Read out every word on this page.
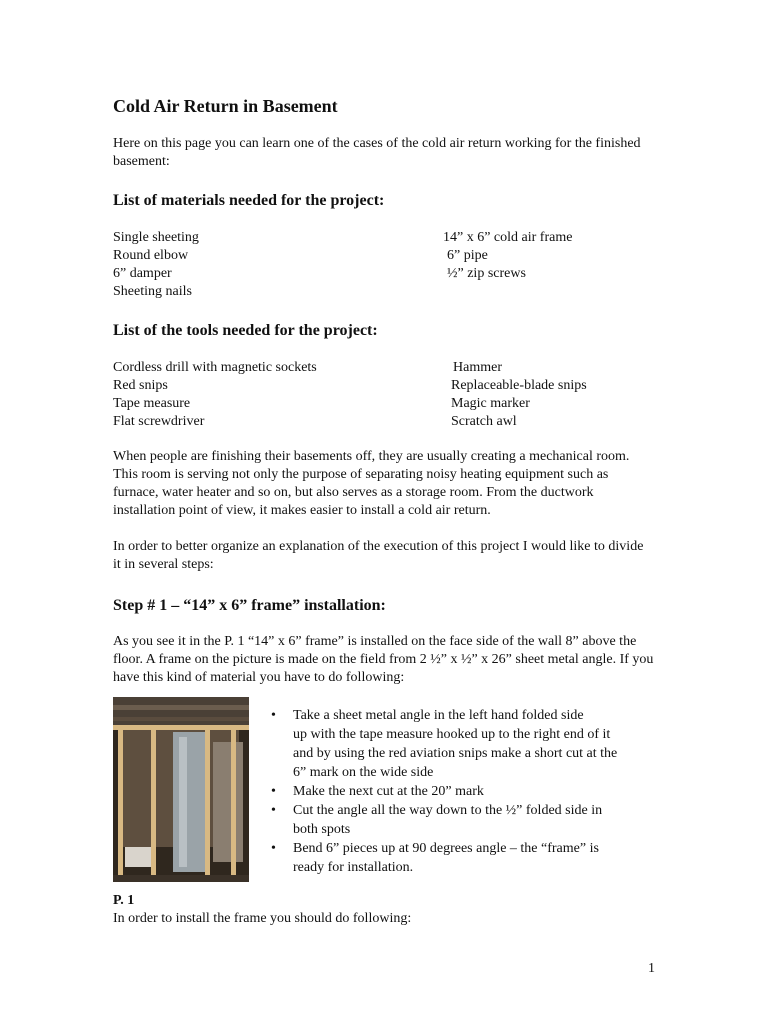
Cold Air Return in Basement

Here on this page you can learn one of the cases of the cold air return working for the finished basement:

List of materials needed for the project:
Single sheeting
Round elbow
6” damper
Sheeting nails
14” x 6” cold air frame
6” pipe
½” zip screws
List of the tools needed for the project:
Cordless drill with magnetic sockets
Red snips
Tape measure
Flat screwdriver
Hammer
Replaceable-blade snips
Magic marker
Scratch awl

When people are finishing their basements off, they are usually creating a mechanical room. This room is serving not only the purpose of separating noisy heating equipment such as furnace, water heater and so on, but also serves as a storage room. From the ductwork installation point of view, it makes easier to install a cold air return.

In order to better organize an explanation of the execution of this project I would like to divide it in several steps:

Step # 1 – “14” x 6” frame” installation:

As you see it in the P. 1 “14” x 6” frame” is installed on the face side of the wall 8” above the floor. A frame on the picture is made on the field from 2 ½” x ½” x 26” sheet metal angle. If you have this kind of material you have to do following:

• Take a sheet metal angle in the left hand folded side
up with the tape measure hooked up to the right end of it
and by using the red aviation snips make a short cut at the
6” mark on the wide side
• Make the next cut at the 20” mark
• Cut the angle all the way down to the ½” folded side in
both spots
• Bend 6” pieces up at 90 degrees angle – the “frame” is
ready for installation.
P. 1
In order to install the frame you should do following:
1
